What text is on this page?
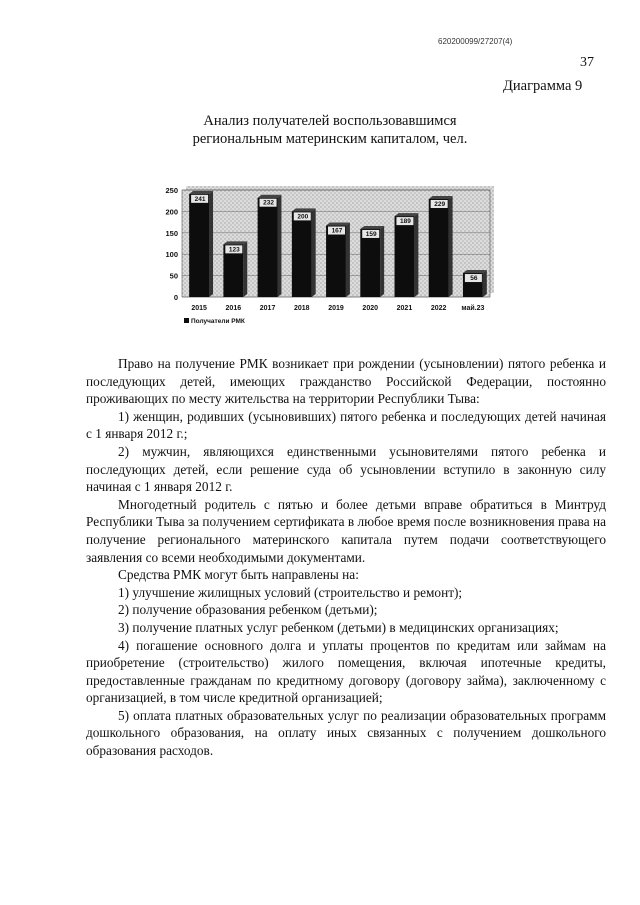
620200099/27207(4)
37
Диаграмма 9
Анализ получателей воспользовавшимся
региональным материнским капиталом, чел.
0
50
100
150
200
250
241
2015
123
2016
232
2017
200
2018
167
2019
159
2020
189
2021
229
2022
56
май.23
Получатели РМК

Право на получение РМК возникает при рождении (усыновлении) пятого ребенка и последующих детей, имеющих гражданство Российской Федерации, постоянно проживающих по месту жительства на территории Республики Тыва:

1) женщин, родивших (усыновивших) пятого ребенка и последующих детей начиная с 1 января 2012 г.;

2) мужчин, являющихся единственными усыновителями пятого ребенка и последующих детей, если решение суда об усыновлении вступило в законную силу начиная с 1 января 2012 г.

Многодетный родитель с пятью и более детьми вправе обратиться в Минтруд Республики Тыва за получением сертификата в любое время после возникновения права на получение регионального материнского капитала путем подачи соответствующего заявления со всеми необходимыми документами.

Средства РМК могут быть направлены на:

1) улучшение жилищных условий (строительство и ремонт);

2) получение образования ребенком (детьми);

3) получение платных услуг ребенком (детьми) в медицинских организациях;

4) погашение основного долга и уплаты процентов по кредитам или займам на приобретение (строительство) жилого помещения, включая ипотечные кредиты, предоставленные гражданам по кредитному договору (договору займа), заключенному с организацией, в том числе кредитной организацией;

5) оплата платных образовательных услуг по реализации образовательных программ дошкольного образования, на оплату иных связанных с получением дошкольного образования расходов.
